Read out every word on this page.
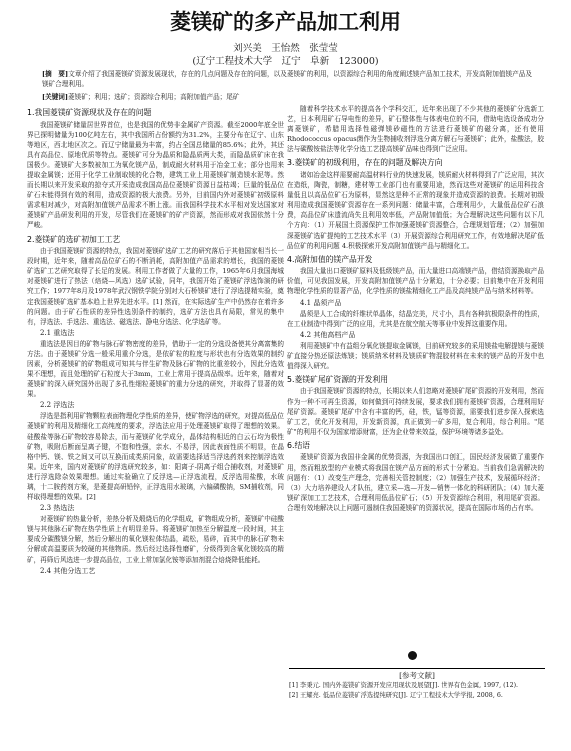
菱镁矿的多产品加工利用
刘兴美　王怡然　张莹莹
(辽宁工程技术大学　辽宁　阜新　123000)

[摘　要]文章介绍了我国菱镁矿资源发展现状，存在的几点问题及存在的问题，以及菱镁矿的利用，以资源综合利用的角度阐述镁产品加工技术，开发高附加值镁产品及镁矿合理利用。

[关键词]菱镁矿；利用；选矿；资源综合利用；高附加值产品；尾矿

1.我国菱镁矿资源现状及存在的问题

我国菱镁矿储量居世界首位，也是我国的优势非金属矿产资源。截至2000年底全世界已探明储量为100亿吨左右，其中我国所占份额约为31.2%，主要分布在辽宁、山东等地区，西北地区次之。而辽宁储量最为丰富，约占全国总储量的85.6%；此外，其还具有高品位、原地优质等特点。菱镁矿可分为晶质和隐晶质两大类，而隐晶质矿床在我国极少。菱镁矿大多数被加工为氧化镁产品，制成耐火材料用于冶金工业；部分也用来提取金属镁；还用于化学工业制取镁的化合物，建筑工业上用菱镁矿制造镁水泥等。然而长期以来开发采取的掠夺式开采造成我国高品位菱镁矿资源日益枯竭；巨量的低品位矿石未能得到有效的利用，造成资源的极大浪费。另外，目前国内外对菱镁矿初级原料需求相对减少，对高附加值镁产品需求不断上涨。而我国科学技术水平相对发达国家对菱镁矿产品研发利用的开发，尽管我们在菱镁矿的矿产资源，然而形成对我国依然十分严峻。

2.菱镁矿的选矿初加工工艺

由于我国菱镁矿资源的特点，我国对菱镁矿选矿工艺的研究落后于其他国家相当长一段时期，近年来，随着高品位矿石的不断消耗，高附加值产品需求的增长，我国的菱镁矿选矿工艺研究取得了长足的发展。利用工作者做了大量的工作，1965年6月我国海城对菱镁矿进行了热法（焙烧—风选）选矿试验，同年，我国开始了菱镁矿浮选饰演的研究工作；1977年8月及1978年武汉钢铁学院分别对大石桥镁矿进行了浮选提精实验，奠定我国菱镁矿选矿基本趋上世界先进水平。[1] 然而，在实际选矿生产中仍然存在着许多的问题。由于矿石性质的差异性选别条件的制约，选矿方法也具有局限，常见的集中有，浮选法、手选法、重选法、磁选法、静电分选法、化学选矿等。

2.1 重选法

重选法是因目的矿物与脉石矿物密度的差异，借助于一定的分选设备使其分离富集的方法。由于菱镁矿分选一般采用重介分选，是依矿粒的粒度与形状也有分选效果的制约因素，分析菱镁矿的矿物组成可知其与伴生矿物及脉石矿物的比重差较小，因此分选效果不理想，而且处理的矿石粒度大于3mm，工业上常用于提高品级率。近年来，随着对菱镁矿的深入研究国外出现了多孔性细粒菱镁矿的重力分选的研究，并取得了显著的效果。

2.2 浮选法

浮选是指利用矿物颗粒表面物理化学性质的差异，使矿物浮选的研究，对提高低品位菱镁矿的利用及精细化工高纯度的要求，浮选法应用于处理菱镁矿取得了理想的效果。硅酸盐等脉石矿物较容易除去，而与菱镁矿化学成分，晶体结构相近的白云石均为极性矿物，吸附后断面呈离子键，不饱和性强，亲水、不易浮，因此表面性质不明显，在晶格中钙、镁、铁之间又可以互换而成类质同象，故需要选择适当浮选药剂来控制浮选效果。近年来，国内对菱镁矿的浮选研究较多，如：阳离子-阴离子组合捕收剂，对菱镁矿进行浮选除杂效果理想。通过实验确立了反浮选—正浮选流程，反浮选用盐酸，水玻璃，十二胺药剂方案，是菱提高研铅锌，正浮选用水玻璃，六偏磷酸钠，SM捕收剂，同样取得理想的效果。[2]

2.3 热选法

对菱镁矿的热量分析，差热分析及煅烧后的化学组成，矿物组成分析，菱镁矿中硅酸镁与其他脉石矿物在热学性质上有明显差异。将菱镁矿加热至分解温度一段时间，其主要成分碳酸镁分解，然后分解出的氧化镁粒体结晶，疏松，易碎，而其中的脉石矿物未分解或高温要质为较硬的其他物质。然后经过选择性磨矿，分级得到含氧化镁较高的精矿，再筛后风选进一步提高品位，工业上常加氯化铵等添加剂混合焙烧降低能耗。

2.4 其他分选工艺

随着科学技术水平的提高各个学科交汇，近年来出现了不少其他的菱镁矿分选新工艺，日本利用矿石导电性的差异，矿石整体性与体表电位的不同，借助电选设备成功分离菱镁矿，希腊用选择性磁弹镁砂磁性的方法进行菱镁矿的磁分离，还有使用Rhodococcus opacus菌作为生物捕收剂浮选分离方解石与菱镁矿；此外，盐酸法，胶法与碳酸铵盐法等化学分选工艺提高镁矿品味也得到广泛应用。

3.菱镁矿的初级利用，存在的问题及解决方向

诸如冶金这样需要耐高温材料行业的快速发展，镁质耐火材料得到了广泛应用，其次在造纸，陶瓷，制糖，建材等工业部门也有重要用途，然而这些对菱镁矿的运用科技含量低且以高品位矿石为原料，显然这是种不正常的现象并造成资源的浪费。长期对初级利用造成我国菱镁矿资源存在一系列问题：储量丰富，合理利用少，大量低品位矿石浪费，高品位矿床遗流尚失且利用效率低，产品附加值低；为合理解决这些问题有以下几个方向：（1）开展国土资源保护工作加强菱镁矿资源整合，合理规划管理；（2）加强加深菱镁矿选矿提纯的工艺技术水平（3）开展资源综合利用研究工作，有效地解决尾矿低品位矿的利用问题 4.积极探索开发高附加值镁产品与精细化工。

4.高附加值的镁产品开发

我国大量出口菱镁矿原料及低级镁产品，而大量进口高端镁产品，借结资源换取产品价值，可见我国发展，开发高附加值镁产品十分紧迫，十分必要；目前集中在开发利用物理化学性质的显著产品，化学性质的镁盐精细化工产品及高纯镁产品与纳米材料等。

4.1 晶须产品

晶须是人工合成的纤维状单晶体，结晶完美，尺寸小，具有各种抗极限条件的性质，在工业制造中得到广泛的应用，尤其是在航空航天等事业中发挥这重要作用。

4.2 其他高档产品

利用菱镁矿中有益组分氧化镁提取金属镁，目前研究较多的采用镁盐电解提镁与菱镁矿直接分热还原法炼镁；镁质纳米材料及镁质矿物混胶材料在未来的镁产品的开发中也值得深入研究。

5.菱镁矿尾矿资源的开发利用

由于我国菱镁矿资源的特点，长期以来人们忽略对菱镁矿尾矿资源的开发利用，然而作为一种不可再生资源，如何做到可持续发展，要求我们拥有菱镁矿资源，合理利用好尾矿资源。菱镁矿尾矿中含有丰富的钙，硅，铁，锰等资源，需要我们进步深入探索选矿工艺，优化开发利用，开发新资源，真正做到一矿多用，复合利用，综合利用。"尾矿"的利用不仅为国家增添财富，还为企业带来效益，保护环境等诸多益处。

6.结语

菱镁矿资源为我国非金属的优势资源，为我国出口创汇，国民经济发展做了重要作用，然而粗放型的产业模式将我国在镁产品方面的形式十分紧迫。当前我们急需解决的问题有：（1）改变生产理念，完善相关管控制度；（2）加强生产技术，发展循环经济；（3）大力培养建设人才队伍，建立采—选—开发—销售一体化的科研团队；（4）加大菱镁矿深加工工艺技术，合理利用低品位矿石；（5）开发资源综合利用，利用尾矿资源。合理有效地解决以上问题可遏制住我国菱镁矿的资源状况，提高在国际市场的占有率。

[参考文献]
[1] 李秉元. 国内外菱镁矿资源开发应用现状及展望[J]. 世界有色金属, 1997, (12).
[2] 王耀亮. 低品位菱镁矿浮选提纯研究[J]. 辽宁工程技术大学学报, 2008, 6.
